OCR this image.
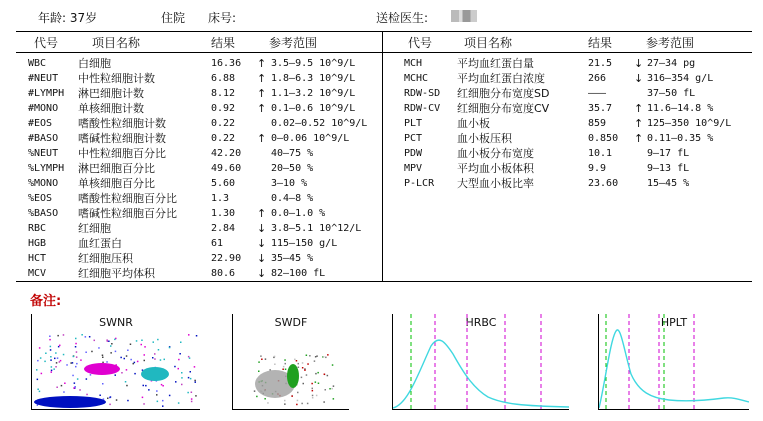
年龄: 37岁	住院 床号:	送检医生:
代号	项目名称	结果	参考范围	代号	项目名称	结果	参考范围
WBC	白细胞	16.36 ↑ 3.5—9.5 10^9/L
#NEUT 中性粒细胞计数	6.88 ↑ 1.8—6.3 10^9/L
#LYMPH 淋巴细胞计数	8.12 ↑ 1.1—3.2 10^9/L
#MONO 单核细胞计数	0.92 ↑ 0.1—0.6 10^9/L
#EOS 嗜酸性粒细胞计数	0.22	0.02—0.52 10^9/L
#BASO 嗜碱性粒细胞计数	0.22 ↑ 0—0.06 10^9/L
%NEUT 中性粒细胞百分比	42.20	40—75 %
%LYMPH 淋巴细胞百分比	49.60	20—50 %
%MONO 单核细胞百分比	5.60	3—10 %
%EOS 嗜酸性粒细胞百分比	1.3	0.4—8 %
%BASO 嗜碱性粒细胞百分比	1.30 ↑ 0.0—1.0 %
RBC	红细胞	2.84 ↓ 3.8—5.1 10^12/L
HGB	血红蛋白	61	↓ 115—150 g/L
HCT	红细胞压积	22.90 ↓ 35—45 %
MCV	红细胞平均体积	80.6 ↓ 82—100 fL
MCH	平均血红蛋白量	21.5 ↓ 27—34 pg
MCHC	平均血红蛋白浓度	266	↓ 316—354 g/L
RDW-SD 红细胞分布宽度SD	———	37—50 fL
RDW-CV 红细胞分布宽度CV	35.7 ↑ 11.6—14.8 %
PLT	血小板	859	↑ 125—350 10^9/L
PCT	血小板压积	0.850 ↑ 0.11—0.35 %
PDW	血小板分布宽度	10.1	9—17 fL
MPV	平均血小板体积	9.9	9—13 fL
P-LCR 大型血小板比率	23.60	15—45 %
备注:
SWNR	SWDF	HRBC	HPLT
